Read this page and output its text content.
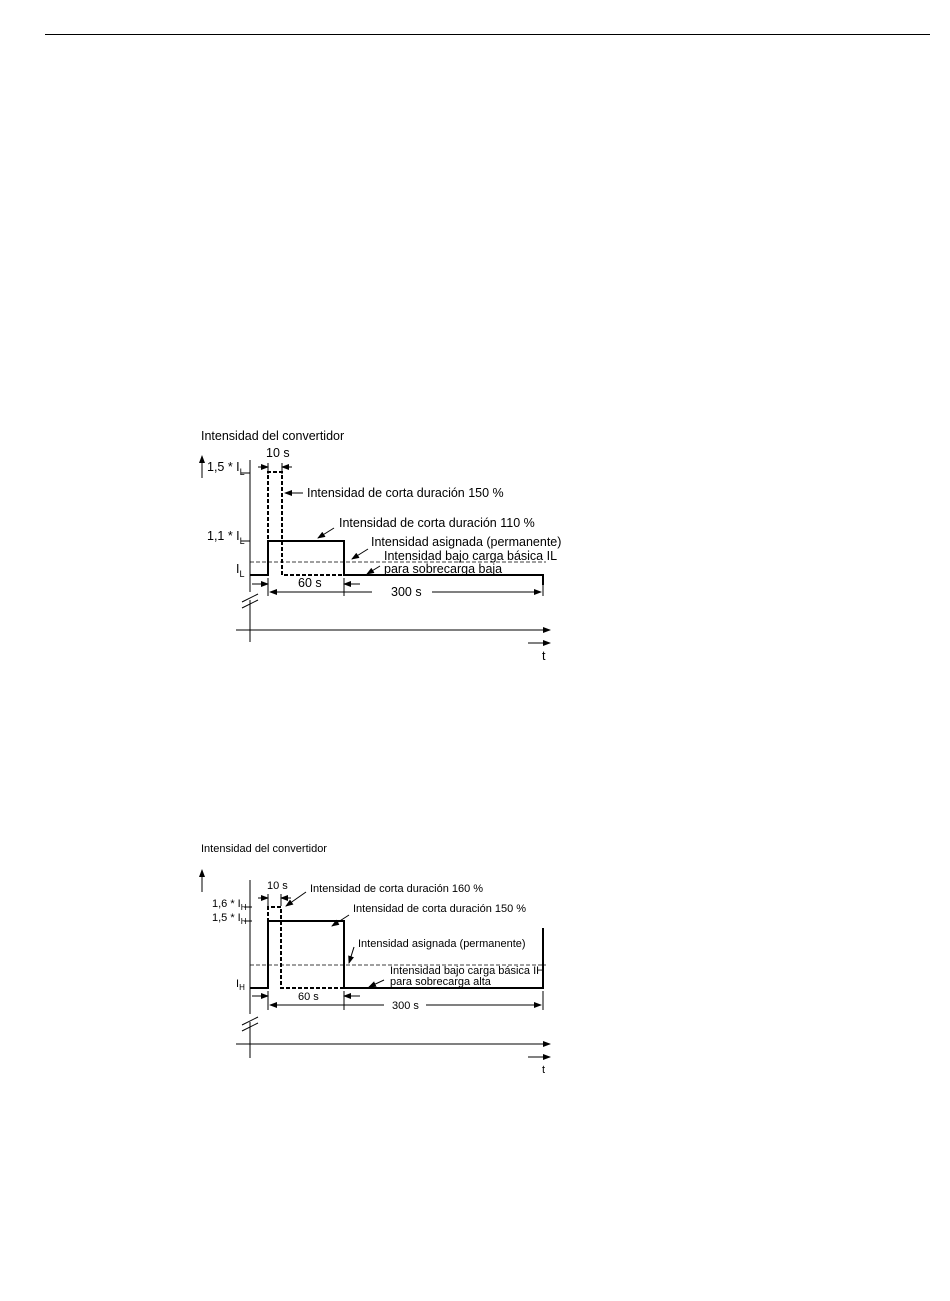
Intensidad del convertidor
t
$1,5 * I_L$
$1,1 * I_L$
$I_L$
10 s
60 s
300 s
Intensidad de corta duración 150 %
Intensidad de corta duración 110 %
Intensidad asignada (permanente)
Intensidad bajo carga básica IL
para sobrecarga baja
Intensidad del convertidor
t
$1,6 * I_H$
$1,5 * I_H$
$I_H$
10 s
60 s
300 s
Intensidad de corta duración 160 %
Intensidad de corta duración 150 %
Intensidad asignada (permanente)
Intensidad bajo carga básica IH
para sobrecarga alta
